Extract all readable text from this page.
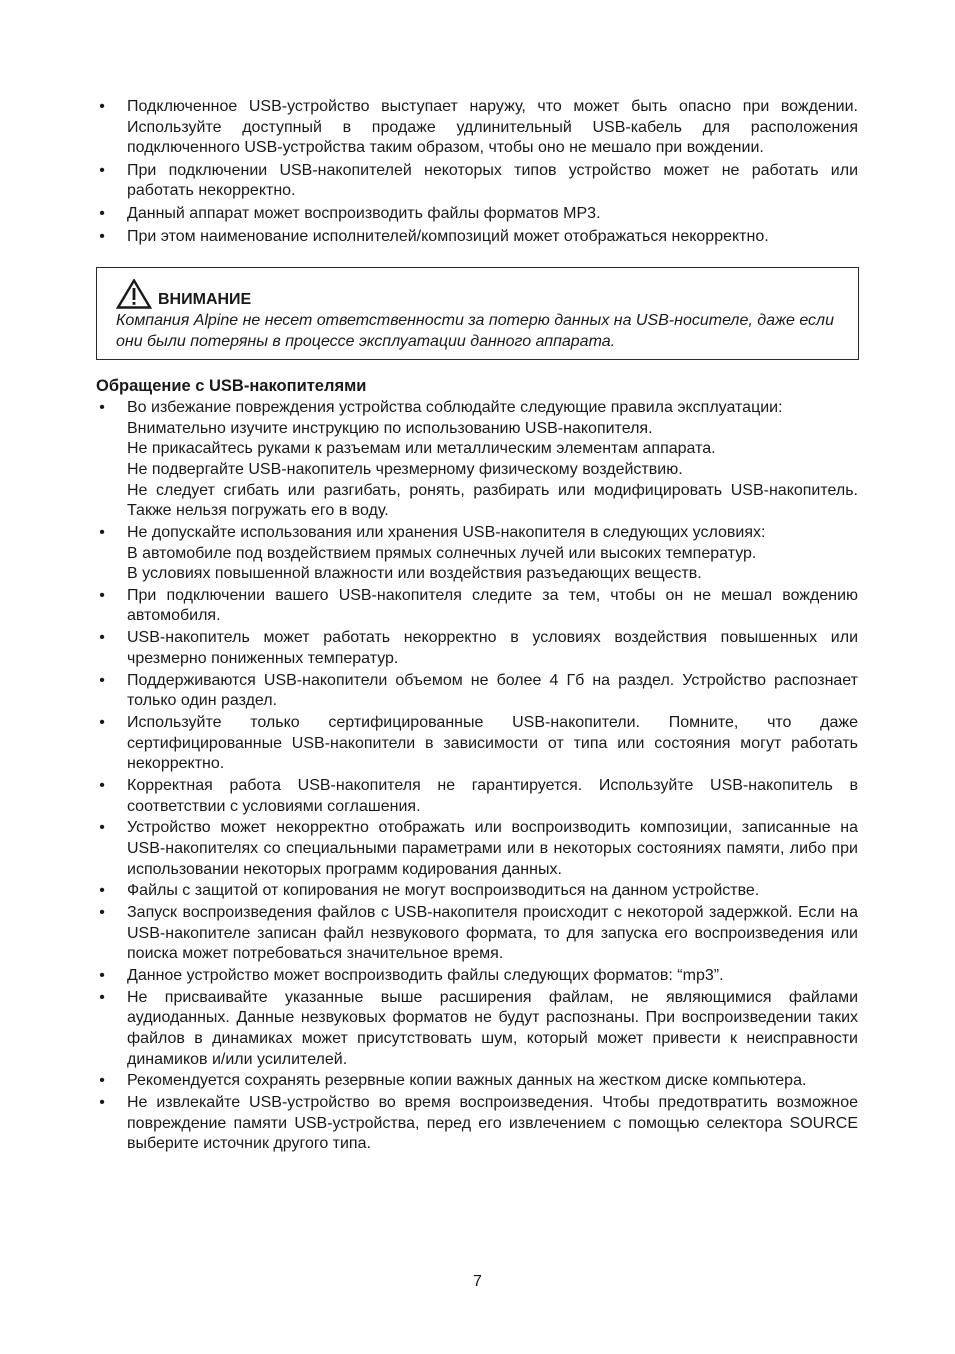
• Подключенное USB-устройство выступает наружу, что может быть опасно при вождении. Используйте доступный в продаже удлинительный USB-кабель для расположения подключенного USB-устройства таким образом, чтобы оно не мешало при вождении.
• При подключении USB-накопителей некоторых типов устройство может не работать или работать некорректно.
• Данный аппарат может воспроизводить файлы форматов MP3.
• При этом наименование исполнителей/композиций может отображаться некорректно.
ВНИМАНИЕ
Компания Alpine не несет ответственности за потерю данных на USB-носителе, даже если они были потеряны в процессе эксплуатации данного аппарата.
Обращение с USB-накопителями
• Во избежание повреждения устройства соблюдайте следующие правила эксплуатации:
Внимательно изучите инструкцию по использованию USB-накопителя.
Не прикасайтесь руками к разъемам или металлическим элементам аппарата.
Не подвергайте USB-накопитель чрезмерному физическому воздействию.
Не следует сгибать или разгибать, ронять, разбирать или модифицировать USB-накопитель. Также нельзя погружать его в воду.
• Не допускайте использования или хранения USB-накопителя в следующих условиях:
В автомобиле под воздействием прямых солнечных лучей или высоких температур.
В условиях повышенной влажности или воздействия разъедающих веществ.
• При подключении вашего USB-накопителя следите за тем, чтобы он не мешал вождению автомобиля.
• USB-накопитель может работать некорректно в условиях воздействия повышенных или чрезмерно пониженных температур.
• Поддерживаются USB-накопители объемом не более 4 Гб на раздел. Устройство распознает только один раздел.
• Используйте только сертифицированные USB-накопители. Помните, что даже сертифицированные USB-накопители в зависимости от типа или состояния могут работать некорректно.
• Корректная работа USB-накопителя не гарантируется. Используйте USB-накопитель в соответствии с условиями соглашения.
• Устройство может некорректно отображать или воспроизводить композиции, записанные на USB-накопителях со специальными параметрами или в некоторых состояниях памяти, либо при использовании некоторых программ кодирования данных.
• Файлы с защитой от копирования не могут воспроизводиться на данном устройстве.
• Запуск воспроизведения файлов с USB-накопителя происходит с некоторой задержкой. Если на USB-накопителе записан файл незвукового формата, то для запуска его воспроизведения или поиска может потребоваться значительное время.
• Данное устройство может воспроизводить файлы следующих форматов: “mp3”.
• Не присваивайте указанные выше расширения файлам, не являющимися файлами аудиоданных. Данные незвуковых форматов не будут распознаны. При воспроизведении таких файлов в динамиках может присутствовать шум, который может привести к неисправности динамиков и/или усилителей.
• Рекомендуется сохранять резервные копии важных данных на жестком диске компьютера.
• Не извлекайте USB-устройство во время воспроизведения. Чтобы предотвратить возможное повреждение памяти USB-устройства, перед его извлечением с помощью селектора SOURCE выберите источник другого типа.
7
